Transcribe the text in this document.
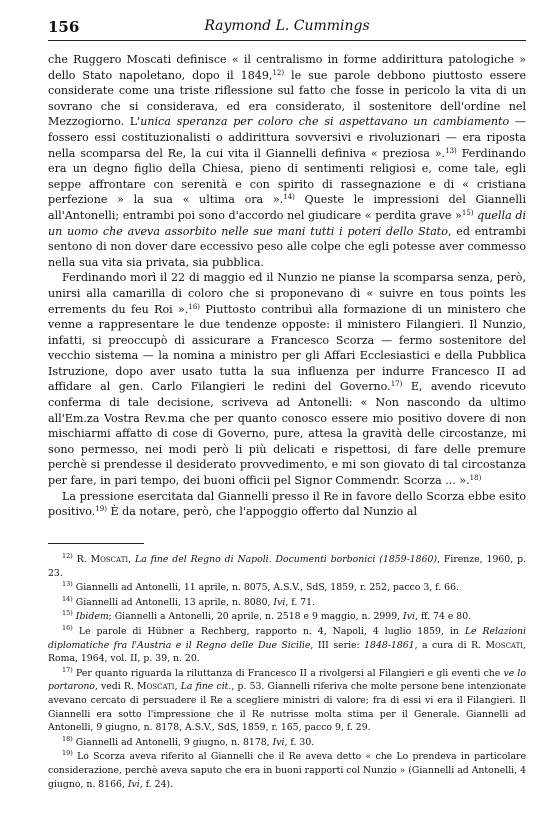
156	Raymond L. Cummings

che Ruggero Moscati definisce « il centralismo in forme addirittura patologiche » dello Stato napoletano, dopo il 1849,$^{12)}$ le sue parole debbono piuttosto essere considerate come una triste riflessione sul fatto che fosse in pericolo la vita di un sovrano che si considerava, ed era considerato, il sostenitore dell'ordine nel Mezzogiorno. L'unica speranza per coloro che si aspettavano un cambiamento — fossero essi costituzionalisti o addirittura sovversivi e rivoluzionari — era riposta nella scomparsa del Re, la cui vita il Giannelli definiva « preziosa ».$^{13)}$ Ferdinando era un degno figlio della Chiesa, pieno di sentimenti religiosi e, come tale, egli seppe affrontare con serenità e con spirito di rassegnazione e di « cristiana perfezione » la sua « ultima ora ».$^{14)}$ Queste le impressioni del Giannelli all'Antonelli; entrambi poi sono d'accordo nel giudicare « perdita grave »$^{15)}$ quella di un uomo che aveva assorbito nelle sue mani tutti i poteri dello Stato, ed entrambi sentono di non dover dare eccessivo peso alle colpe che egli potesse aver commesso nella sua vita sia privata, sia pubblica.

Ferdinando morì il 22 di maggio ed il Nunzio ne pianse la scomparsa senza, però, unirsi alla camarilla di coloro che si proponevano di « suivre en tous points les errements du feu Roi ».$^{16)}$ Piuttosto contribuì alla formazione di un ministero che venne a rappresentare le due tendenze opposte: il ministero Filangieri. Il Nunzio, infatti, si preoccupò di assicurare a Francesco Scorza — fermo sostenitore del vecchio sistema — la nomina a ministro per gli Affari Ecclesiastici e della Pubblica Istruzione, dopo aver usato tutta la sua influenza per indurre Francesco II ad affidare al gen. Carlo Filangieri le redini del Governo.$^{17)}$ E, avendo ricevuto conferma di tale decisione, scriveva ad Antonelli: « Non nascondo da ultimo all'Em.za Vostra Rev.ma che per quanto conosco essere mio positivo dovere di non mischiarmi affatto di cose di Governo, pure, attesa la gravità delle circostanze, mi sono permesso, nei modi però li più delicati e rispettosi, di fare delle premure perchè si prendesse il desiderato provvedimento, e mi son giovato di tal circostanza per fare, in pari tempo, dei buoni officii pel Signor Commendr. Scorza ... ».$^{18)}$

La pressione esercitata dal Giannelli presso il Re in favore dello Scorza ebbe esito positivo.$^{19)}$ È da notare, però, che l'appoggio offerto dal Nunzio al

$^{12)}$ R. Moscati, La fine del Regno di Napoli. Documenti borbonici (1859-1860), Firenze, 1960, p. 23.

$^{13)}$ Giannelli ad Antonelli, 11 aprile, n. 8075, A.S.V., SdS, 1859, r. 252, pacco 3, f. 66.

$^{14)}$ Giannelli ad Antonelli, 13 aprile, n. 8080, Ivi, f. 71.

$^{15)}$ Ibidem; Giannelli a Antonelli, 20 aprile, n. 2518 e 9 maggio, n. 2999, Ivi, ff. 74 e 80.

$^{16)}$ Le parole di Hübner a Rechberg, rapporto n. 4, Napoli, 4 luglio 1859, in Le Relazioni diplomatiche fra l'Austria e il Regno delle Due Sicilie, III serie: 1848-1861, a cura di R. Moscati, Roma, 1964, vol. II, p. 39, n. 20.

$^{17)}$ Per quanto riguarda la riluttanza di Francesco II a rivolgersi al Filangieri e gli eventi che ve lo portarono, vedi R. Moscati, La fine cit., p. 53. Giannelli riferiva che molte persone bene intenzionate avevano cercato di persuadere il Re a scegliere ministri di valore; fra di essi vi era il Filangieri. Il Giannelli era sotto l'impressione che il Re nutrisse molta stima per il Generale. Giannelli ad Antonelli, 9 giugno, n. 8178, A.S.V., SdS, 1859, r. 165, pacco 9, f. 29.

$^{18)}$ Giannelli ad Antonelli, 9 giugno, n. 8178, Ivi, f. 30.

$^{19)}$ Lo Scorza aveva riferito al Giannelli che il Re aveva detto « che Lo prendeva in particolare considerazione, perchè aveva saputo che era in buoni rapporti col Nunzio » (Giannelli ad Antonelli, 4 giugno, n. 8166, Ivi, f. 24).
